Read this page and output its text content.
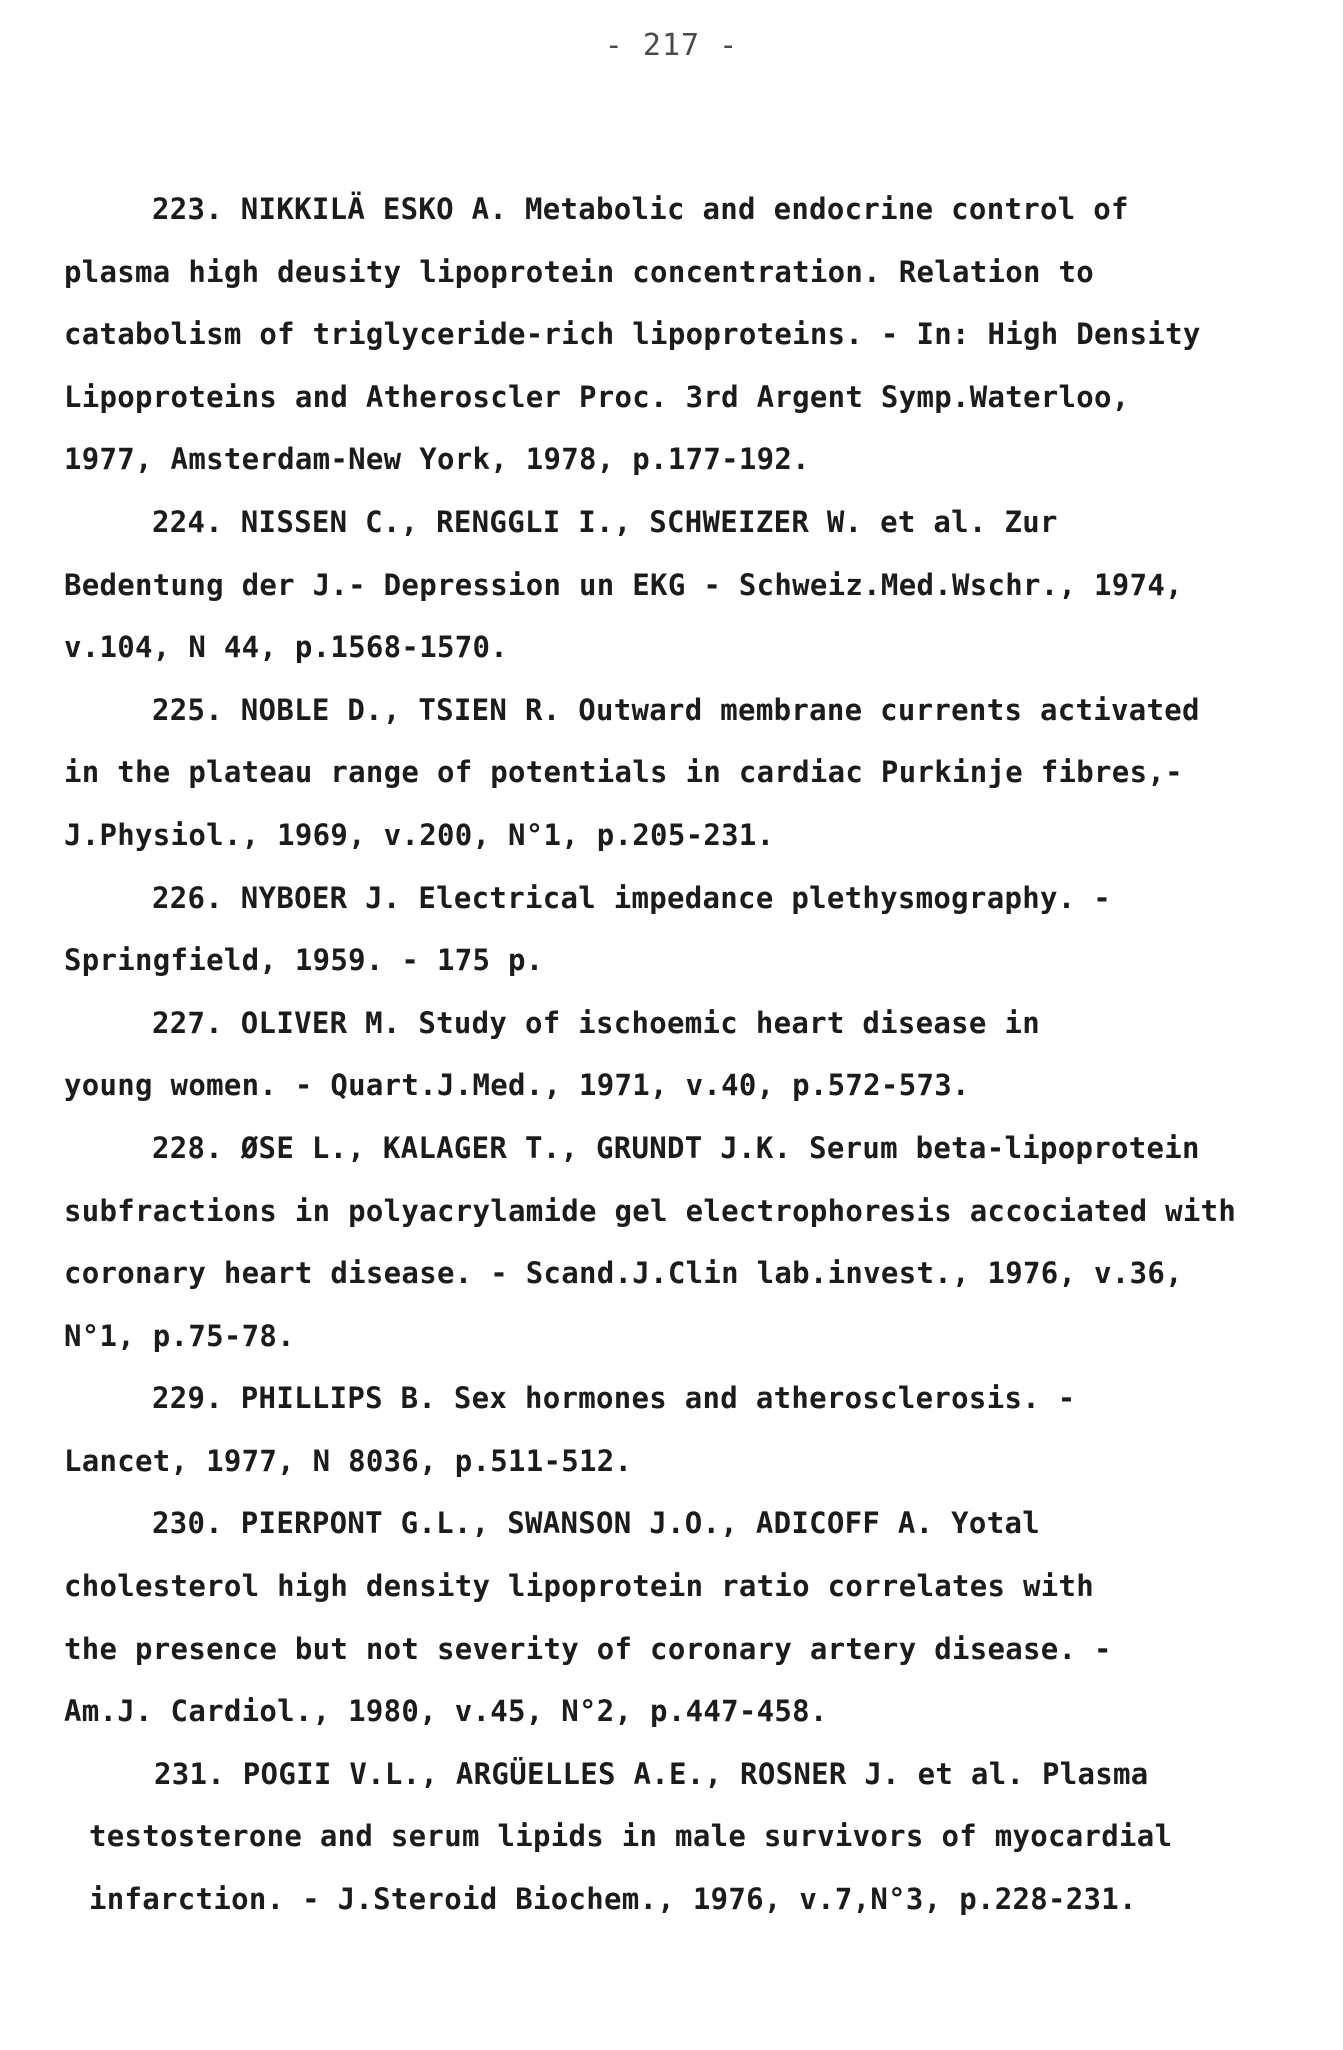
- 217 -
223. NIKKILÄ ESKO A. Metabolic and endocrine control of
plasma high deusity lipoprotein concentration. Relation to
catabolism of triglyceride-rich lipoproteins. - In: High Density
Lipoproteins and Atheroscler Proc. 3rd Argent Symp.Waterloo,
1977, Amsterdam-New York, 1978, p.177-192.
224. NISSEN C., RENGGLI I., SCHWEIZER W. et al. Zur
Bedentung der J.- Depression un EKG - Schweiz.Med.Wschr., 1974,
v.104, N 44, p.1568-1570.
225. NOBLE D., TSIEN R. Outward membrane currents activated
in the plateau range of potentials in cardiac Purkinje fibres,-
J.Physiol., 1969, v.200, N°1, p.205-231.
226. NYBOER J. Electrical impedance plethysmography. -
Springfield, 1959. - 175 p.
227. OLIVER M. Study of ischoemic heart disease in
young women. - Quart.J.Med., 1971, v.40, p.572-573.
228. ØSE L., KALAGER T., GRUNDT J.K. Serum beta-lipoprotein
subfractions in polyacrylamide gel electrophoresis accociated with
coronary heart disease. - Scand.J.Clin lab.invest., 1976, v.36,
N°1, p.75-78.
229. PHILLIPS B. Sex hormones and atherosclerosis. -
Lancet, 1977, N 8036, p.511-512.
230. PIERPONT G.L., SWANSON J.O., ADICOFF A. Yotal
cholesterol high density lipoprotein ratio correlates with
the presence but not severity of coronary artery disease. -
Am.J. Cardiol., 1980, v.45, N°2, p.447-458.
231. POGII V.L., ARGÜELLES A.E., ROSNER J. et al. Plasma
testosterone and serum lipids in male survivors of myocardial
infarction. - J.Steroid Biochem., 1976, v.7,N°3, p.228-231.
